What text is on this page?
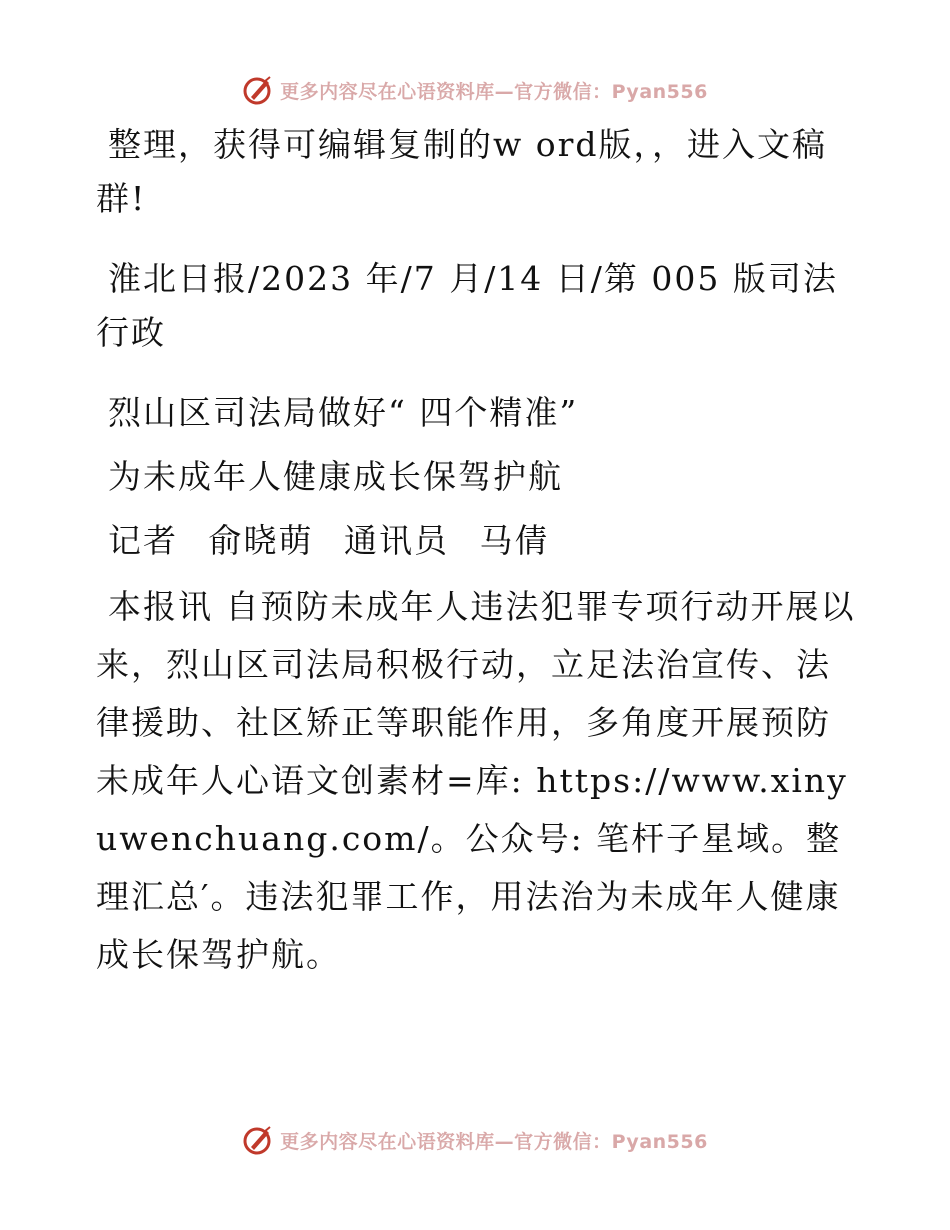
更多内容尽在心语资料库—官方微信：Pyan556

整理，获得可编辑复制的w ord版，，进入文稿群!

淮北日报/2023 年/7 月/14 日/第 005 版司法行政

烈山区司法局做好“ 四个精准”

为未成年人健康成长保驾护航

记者 俞晓萌 通讯员 马倩

本报讯 自预防未成年人违法犯罪专项行动开展以来，烈山区司法局积极行动，立足法治宣传、法律援助、社区矫正等职能作用，多角度开展预防未成年人心语文创素材=库: https://www.xinyuwenchuang.com/。公众号: 笔杆子星域。整理汇总′。违法犯罪工作，用法治为未成年人健康成长保驾护航。

更多内容尽在心语资料库—官方微信：Pyan556
